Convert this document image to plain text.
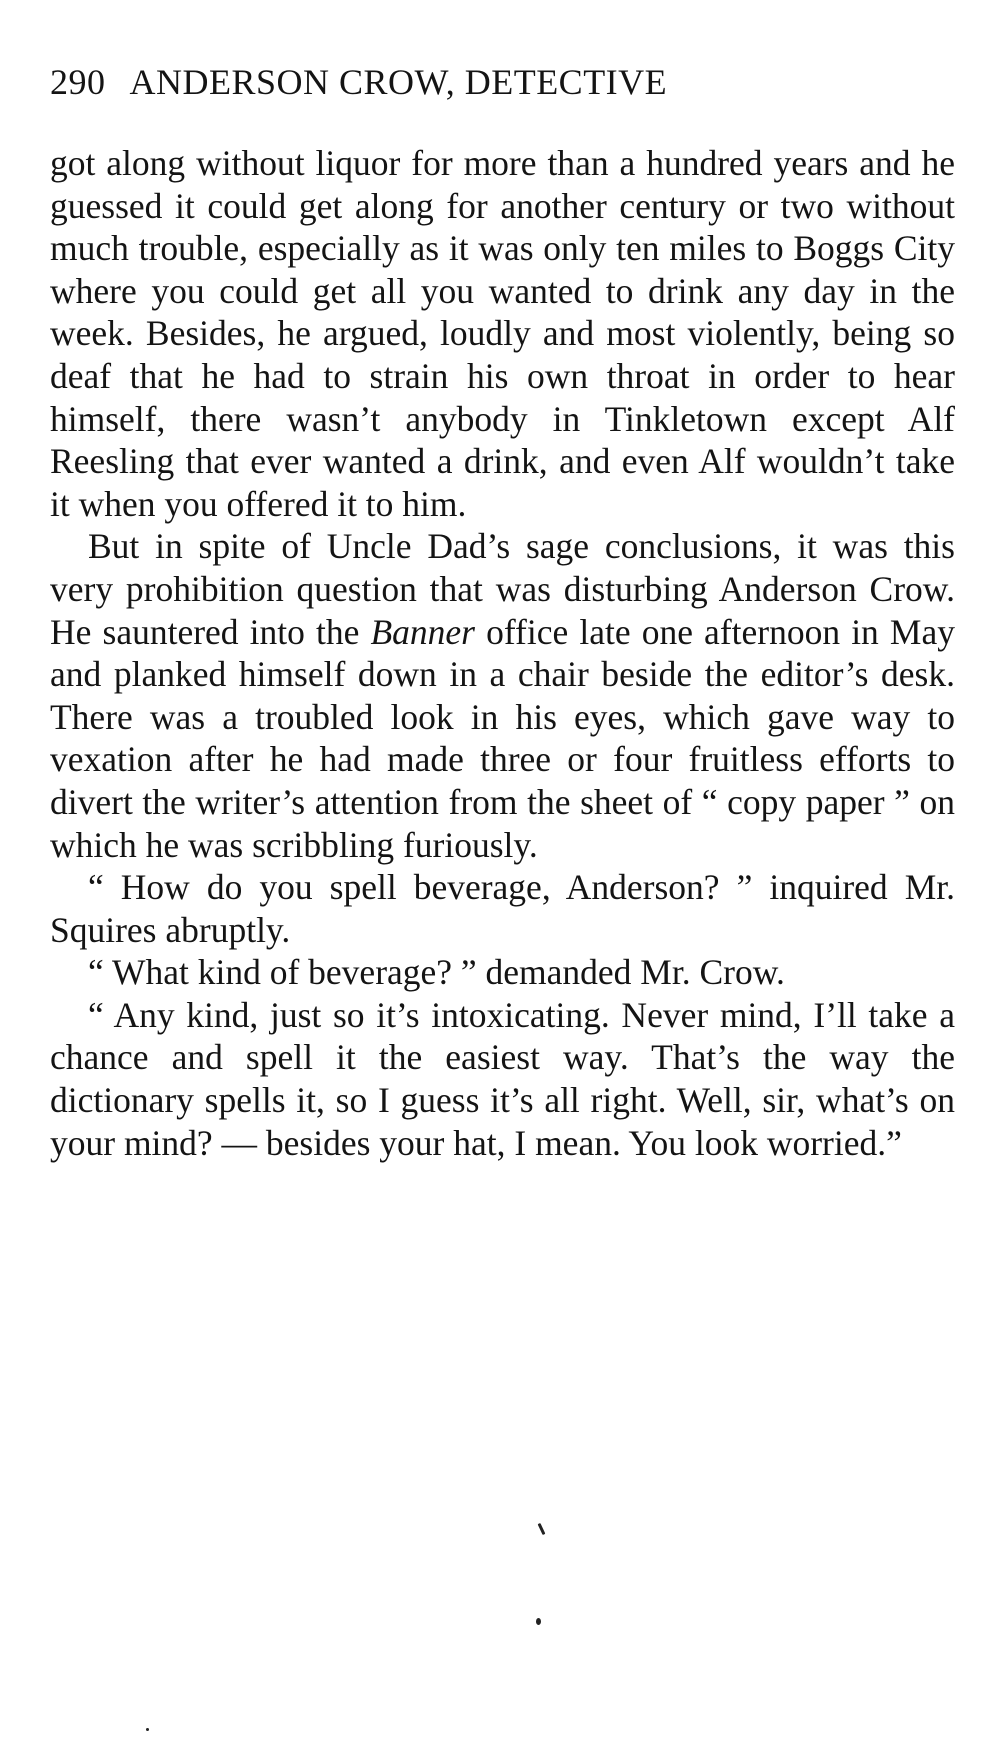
290 ANDERSON CROW, DETECTIVE

got along without liquor for more than a hundred years and he guessed it could get along for another century or two without much trouble, especially as it was only ten miles to Boggs City where you could get all you wanted to drink any day in the week. Besides, he argued, loudly and most violently, being so deaf that he had to strain his own throat in order to hear himself, there wasn’t anybody in Tinkletown except Alf Reesling that ever wanted a drink, and even Alf wouldn’t take it when you offered it to him.

But in spite of Uncle Dad’s sage conclusions, it was this very prohibition question that was disturbing Anderson Crow. He sauntered into the Banner office late one afternoon in May and planked himself down in a chair beside the editor’s desk. There was a troubled look in his eyes, which gave way to vexation after he had made three or four fruitless efforts to divert the writer’s attention from the sheet of “ copy paper ” on which he was scribbling furiously.

“ How do you spell beverage, Anderson? ” inquired Mr. Squires abruptly.

“ What kind of beverage? ” demanded Mr. Crow.

“ Any kind, just so it’s intoxicating. Never mind, I’ll take a chance and spell it the easiest way. That’s the way the dictionary spells it, so I guess it’s all right. Well, sir, what’s on your mind? — besides your hat, I mean. You look worried.”
